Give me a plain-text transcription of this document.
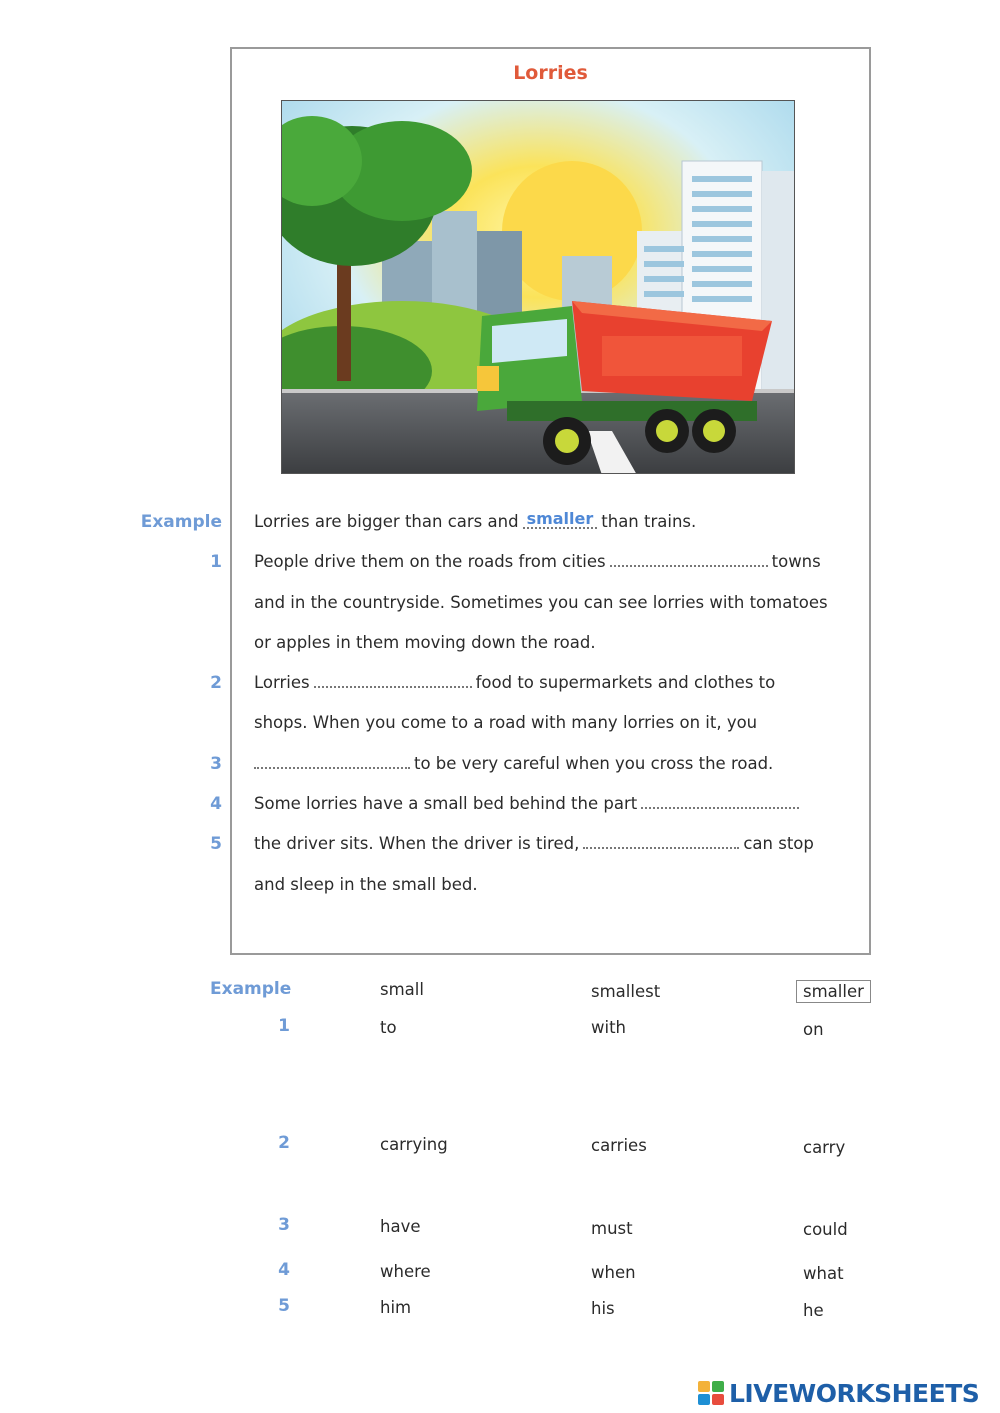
Lorries
Example Lorries are bigger than cars and smaller than trains.
1 People drive them on the roads from cities	towns
and in the countryside. Sometimes you can see lorries with tomatoes
or apples in them moving down the road.
2 Lorries	food to supermarkets and clothes to
shops. When you come to a road with many lorries on it, you
3	to be very careful when you cross the road.
4 Some lorries have a small bed behind the part
5 the driver sits. When the driver is tired,	can stop
and sleep in the small bed.
Example	small	smallest	smaller
1	to	with	on
2	carrying	carries	carry
3	have	must	could
4	where	when	what
5	him	his	he
LIVEWORKSHEETS
